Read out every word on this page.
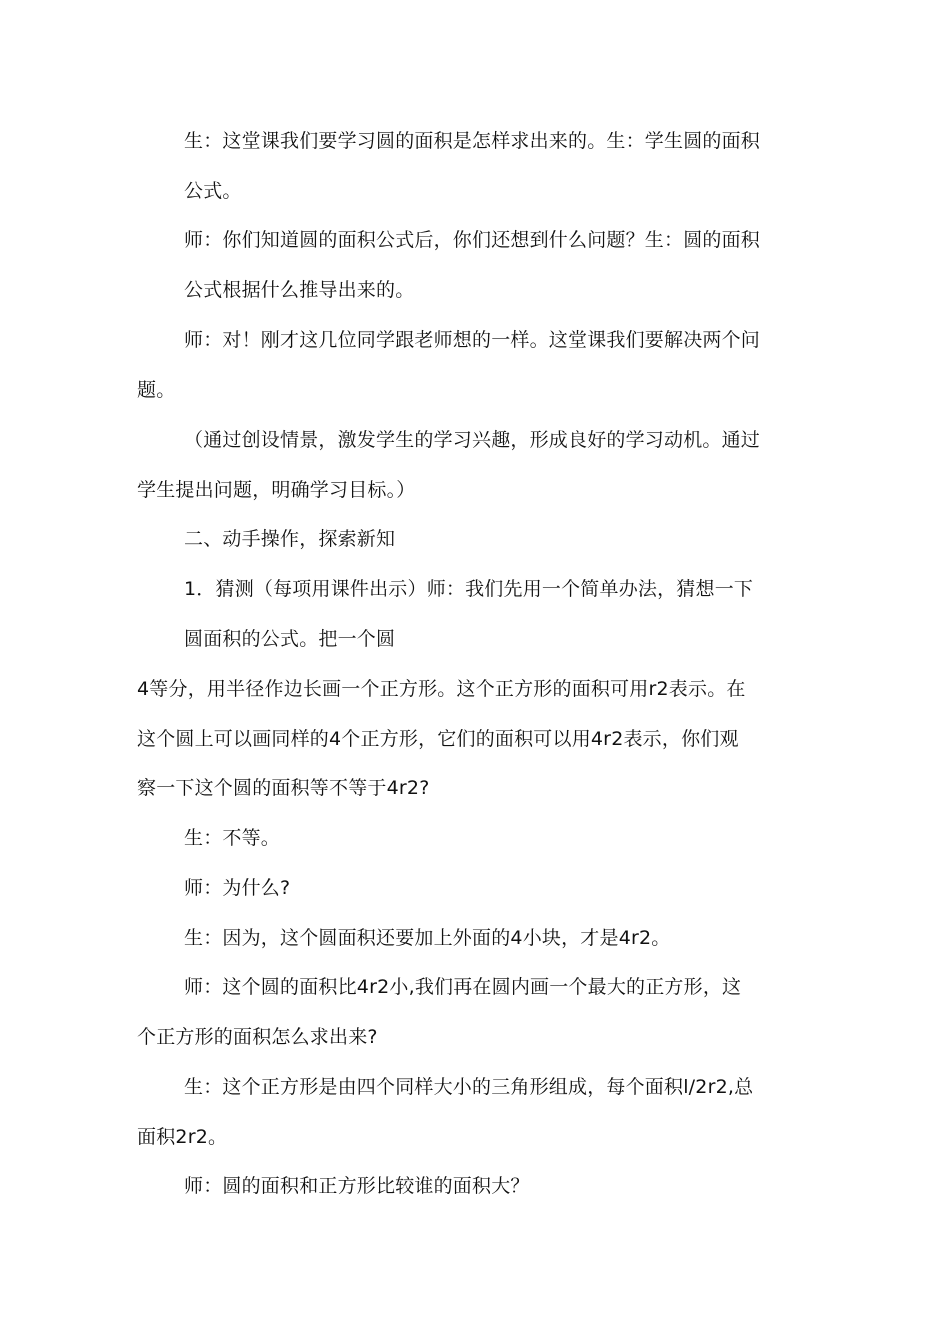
生：这堂课我们要学习圆的面积是怎样求出来的。生：学生圆的面积
公式。
师：你们知道圆的面积公式后，你们还想到什么问题？生：圆的面积
公式根据什么推导出来的。
师：对！刚才这几位同学跟老师想的一样。这堂课我们要解决两个问
题。
（通过创设情景，激发学生的学习兴趣，形成良好的学习动机。通过
学生提出问题，明确学习目标。）
二、动手操作，探索新知
1．猜测（每项用课件出示）师：我们先用一个简单办法，猜想一下
圆面积的公式。把一个圆
4等分，用半径作边长画一个正方形。这个正方形的面积可用r2表示。在
这个圆上可以画同样的4个正方形，它们的面积可以用4r2表示，你们观
察一下这个圆的面积等不等于4r2?
生：不等。
师：为什么?
生：因为，这个圆面积还要加上外面的4小块，才是4r2。
师：这个圆的面积比4r2小,我们再在圆内画一个最大的正方形，这
个正方形的面积怎么求出来?
生：这个正方形是由四个同样大小的三角形组成，每个面积l/2r2,总
面积2r2。
师：圆的面积和正方形比较谁的面积大？
